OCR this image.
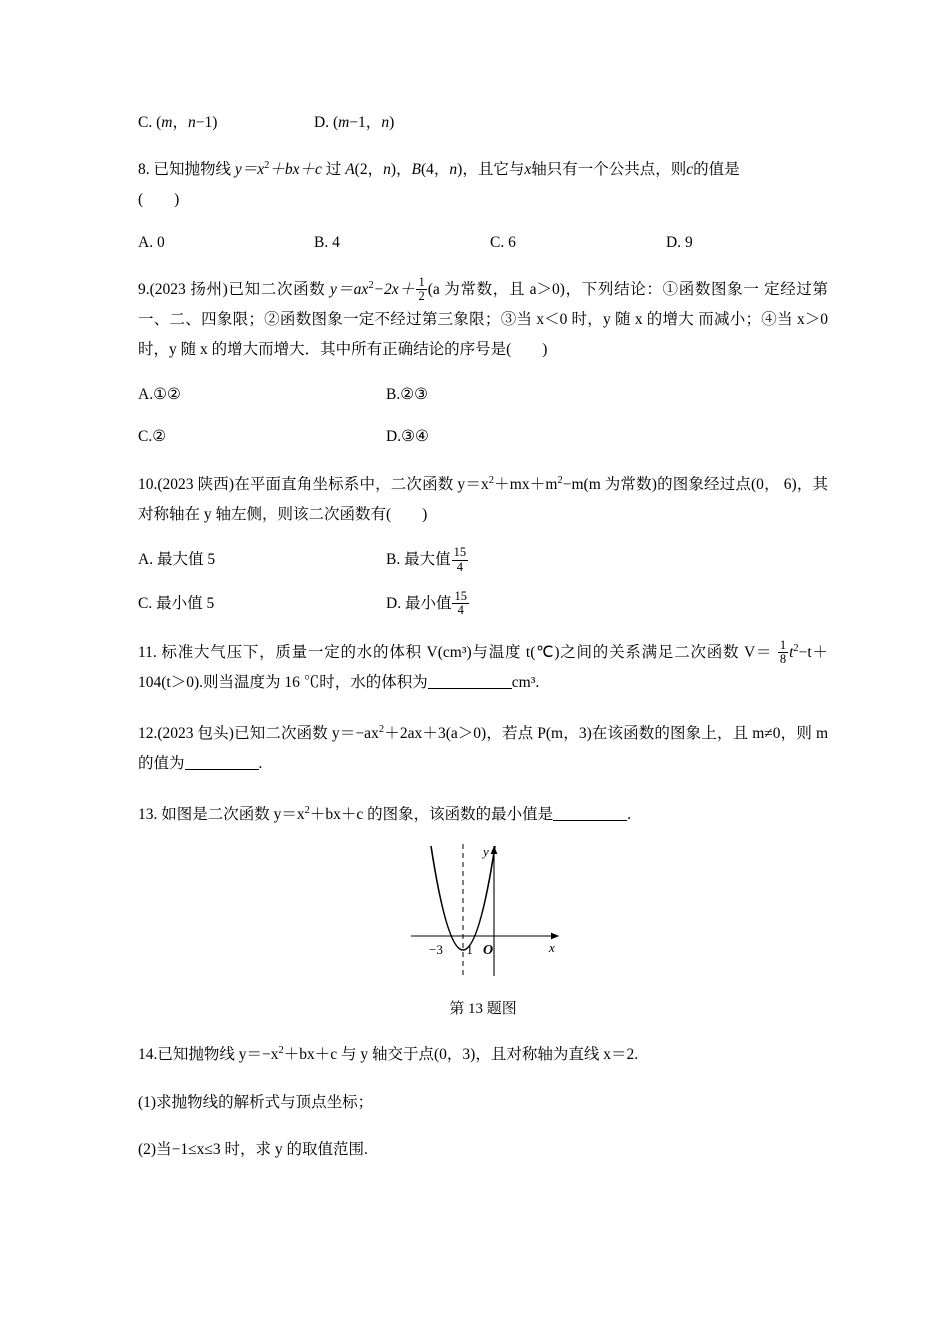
C. (m，n−1)	D. (m−1，n)
8. 已知抛物线 $y=x^2+bx+c$ 过 A(2，n)，B(4，n)，且它与x轴只有一个公共点，则c的值是
(　　)
A. 0	B. 4	C. 6	D. 9
9.(2023 扬州)已知二次函数 $y=ax^2-2x+ \frac{1}{2} (a$ 为常数，且 a＞0)，下列结论：①函数图象一 定经过第一、二、四象限；②函数图象一定不经过第三象限；③当 x＜0 时，y 随 x 的增大 而减小；④当 x＞0 时，y 随 x 的增大而增大．其中所有正确结论的序号是(　　)
A.①②	B.②③
C.②	D.③④
10.(2023 陕西)在平面直角坐标系中，二次函数 $y=x^2+mx+m^2-m(m$ 为常数)的图象经过点(0， 6)，其对称轴在 y 轴左侧，则该二次函数有(　　)
A. 最大值 5	B. 最大值 $\frac{15}{4}$
C. 最小值 5	D. 最小值 $\frac{15}{4}$
11. 标准大气压下，质量一定的水的体积 V(cm³)与温度 t(℃)之间的关系满足二次函数 $V= \frac{1}{8} t^2-t+104(t>0)$.则当温度为 16 ℃时，水的体积为	cm³.
12.(2023 包头)已知二次函数 $y=-ax^2+2ax+3(a>0)$，若点 P(m，3)在该函数的图象上，且 m≠0，则 m 的值为	.
13. 如图是二次函数 $y=x^2+bx+c$ 的图象，该函数的最小值是	.
−3 −1 O	x
y
第 13 题图
14.已知抛物线 $y=-x^2+bx+c$ 与 y 轴交于点(0，3)，且对称轴为直线 x＝2.
(1)求抛物线的解析式与顶点坐标；
(2)当−1≤x≤3 时，求 y 的取值范围.
